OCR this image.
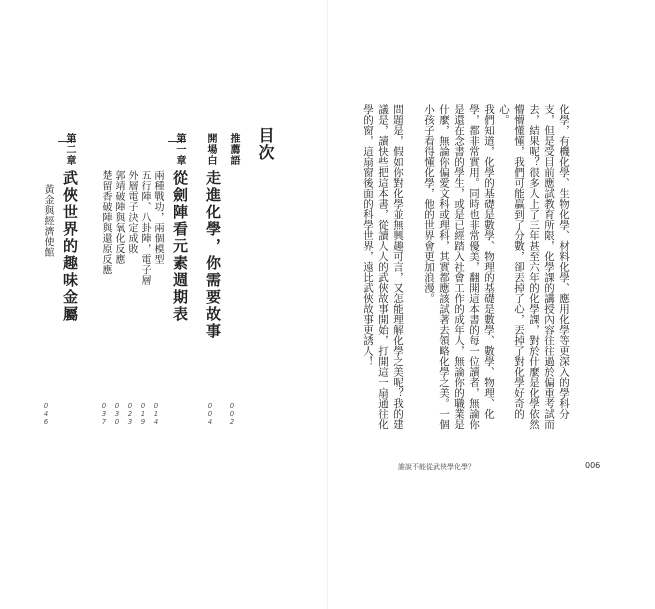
目次
推薦語
002
開場白
走進化學，你需要故事
004
第一章
從劍陣看元素週期表
兩種戰功，兩個模型
014
五行陣、八卦陣，電子層
019
外層電子決定成敗
023
郭靖破陣與氧化反應
030
楚留香破陣與還原反應
037
第二章
武俠世界的趣味金屬
黃金與經濟使館
046	化學，有機化學、生物化學、材料化學、應用化學等更深入的學科分支，但是受目前應試教育所限，化學課的講授內容往往過於偏重考試而去，結果呢？很多人上了三年甚至六年的化學課，對於什麼是化學依然懵懵懂懂，我們可能贏到了分數，卻丟掉了心，丟掉了對化學好奇的心。

我們知道，化學的基礎是數學、物理的基礎是數學、數學、物理、化學，都非常實用。同時也非常優美，翻開這本書的每一位讀者，無論你是還在念書的學生，或是已經踏入社會工作的成年人，無論你的職業是什麼，無論你偏愛文科或理科，其實都應該試著去領略化學之美。一個小孩子看得懂化學，他的世界會更加浪漫。

問題是，假如你對化學並無興趣可言，又怎能理解化學之美呢？我的建議是，讀快些把這本書，從讀人人的武俠故事開始，打開這一扇通往化學的窗，這扇窗後面的科學世界，遠比武俠故事更誘人！

誰說不能從武俠學化學？	006
